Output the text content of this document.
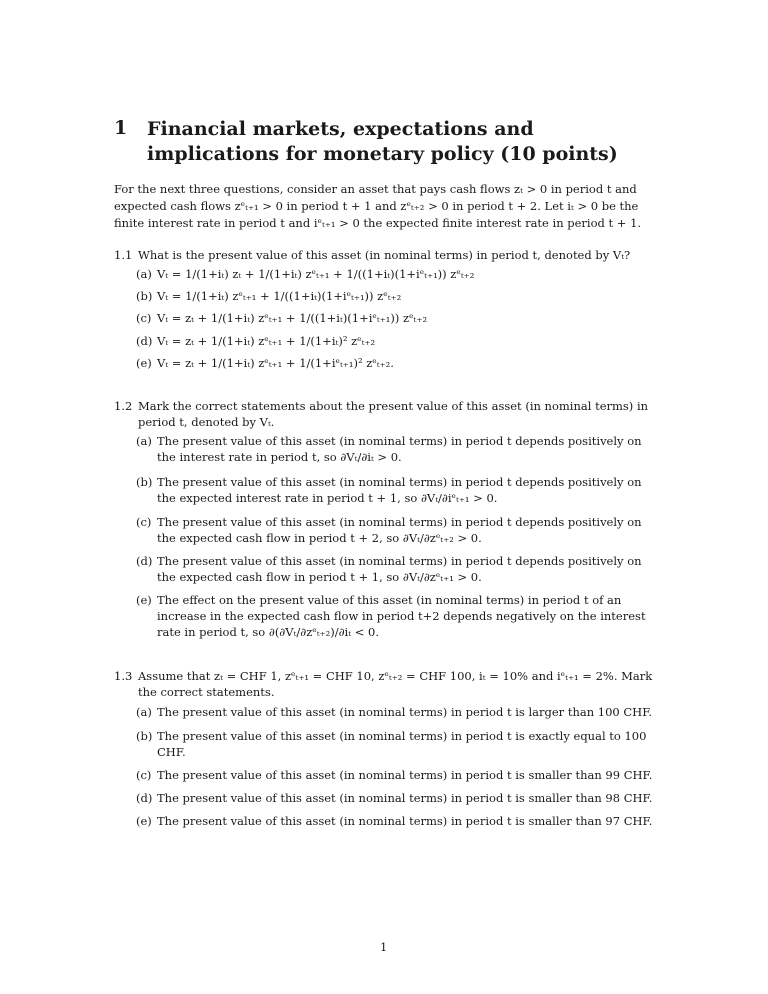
1 Financial markets, expectations and implications for monetary policy (10 points)
For the next three questions, consider an asset that pays cash flows zₜ > 0 in period t and expected cash flows zᵉₜ₊₁ > 0 in period t + 1 and zᵉₜ₊₂ > 0 in period t + 2. Let iₜ > 0 be the finite interest rate in period t and iᵉₜ₊₁ > 0 the expected finite interest rate in period t + 1.
1.1 What is the present value of this asset (in nominal terms) in period t, denoted by Vₜ?
(a) Vₜ = 1/(1+iₜ) zₜ + 1/(1+iₜ) zᵉₜ₊₁ + 1/((1+iₜ)(1+iᵉₜ₊₁)) zᵉₜ₊₂
(b) Vₜ = 1/(1+iₜ) zᵉₜ₊₁ + 1/((1+iₜ)(1+iᵉₜ₊₁)) zᵉₜ₊₂
(c) Vₜ = zₜ + 1/(1+iₜ) zᵉₜ₊₁ + 1/((1+iₜ)(1+iᵉₜ₊₁)) zᵉₜ₊₂
(d) Vₜ = zₜ + 1/(1+iₜ) zᵉₜ₊₁ + 1/(1+iₜ)² zᵉₜ₊₂
(e) Vₜ = zₜ + 1/(1+iₜ) zᵉₜ₊₁ + 1/(1+iᵉₜ₊₁)² zᵉₜ₊₂.
1.2 Mark the correct statements about the present value of this asset (in nominal terms) in period t, denoted by Vₜ.
(a) The present value of this asset (in nominal terms) in period t depends positively on the interest rate in period t, so ∂Vₜ/∂iₜ > 0.
(b) The present value of this asset (in nominal terms) in period t depends positively on the expected interest rate in period t + 1, so ∂Vₜ/∂iᵉₜ₊₁ > 0.
(c) The present value of this asset (in nominal terms) in period t depends positively on the expected cash flow in period t + 2, so ∂Vₜ/∂zᵉₜ₊₂ > 0.
(d) The present value of this asset (in nominal terms) in period t depends positively on the expected cash flow in period t + 1, so ∂Vₜ/∂zᵉₜ₊₁ > 0.
(e) The effect on the present value of this asset (in nominal terms) in period t of an increase in the expected cash flow in period t+2 depends negatively on the interest rate in period t, so ∂(∂Vₜ/∂zᵉₜ₊₂)/∂iₜ < 0.
1.3 Assume that zₜ = CHF 1, zᵉₜ₊₁ = CHF 10, zᵉₜ₊₂ = CHF 100, iₜ = 10% and iᵉₜ₊₁ = 2%. Mark the correct statements.
(a) The present value of this asset (in nominal terms) in period t is larger than 100 CHF.
(b) The present value of this asset (in nominal terms) in period t is exactly equal to 100 CHF.
(c) The present value of this asset (in nominal terms) in period t is smaller than 99 CHF.
(d) The present value of this asset (in nominal terms) in period t is smaller than 98 CHF.
(e) The present value of this asset (in nominal terms) in period t is smaller than 97 CHF.
1
